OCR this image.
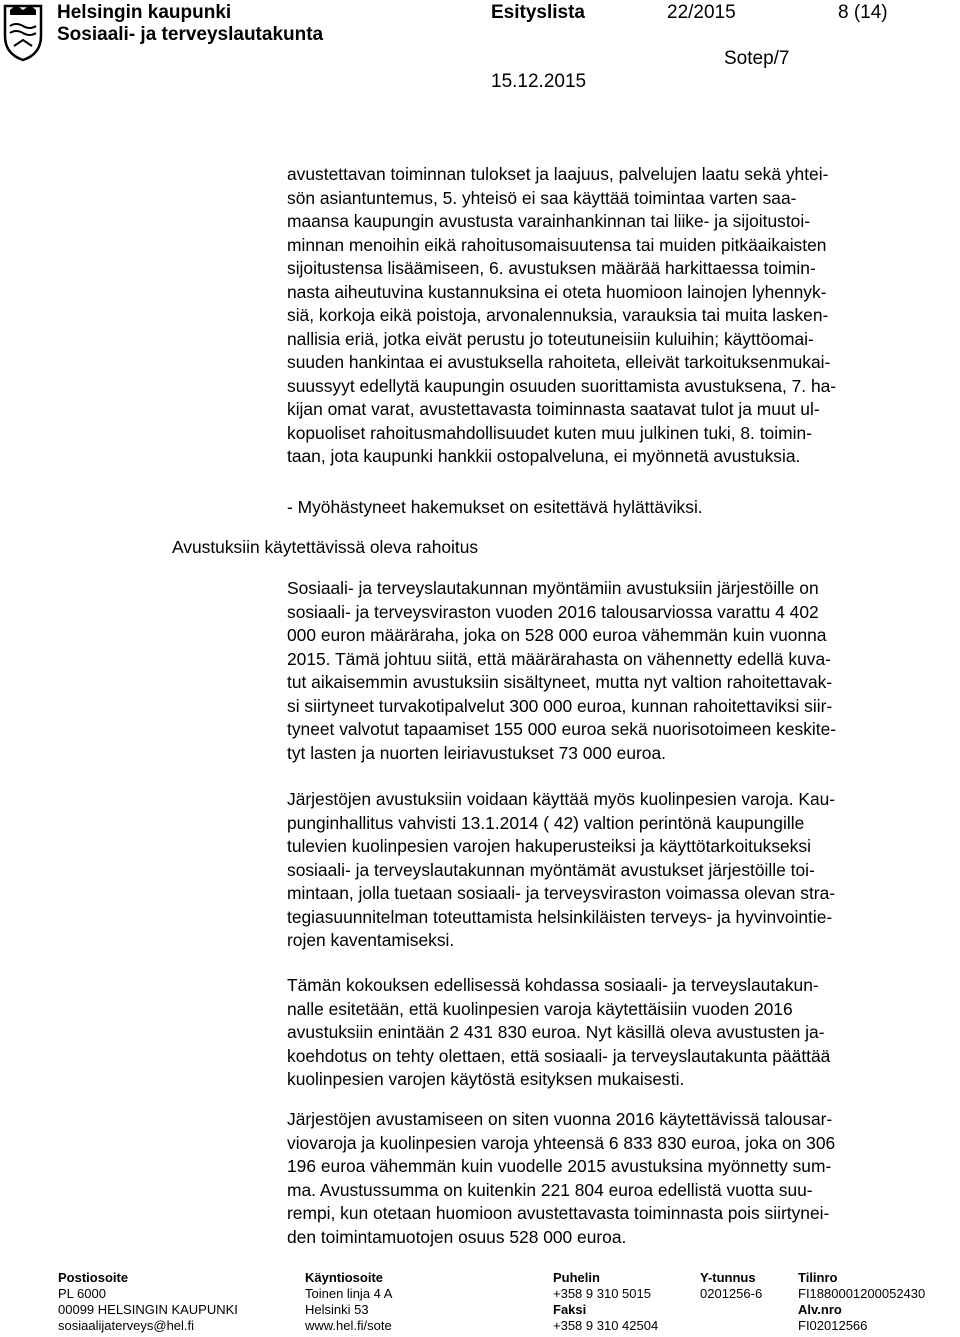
Helsingin kaupunki
Sosiaali- ja terveyslautakunta
Esityslista	22/2015	8 (14)
Sotep/7
15.12.2015
avustettavan toiminnan tulokset ja laajuus, palvelujen laatu sekä yhtei-
sön asiantuntemus, 5. yhteisö ei saa käyttää toimintaa varten saa-
maansa kaupungin avustusta varainhankinnan tai liike- ja sijoitustoi-
minnan menoihin eikä rahoitusomaisuutensa tai muiden pitkäaikaisten
sijoitustensa lisäämiseen, 6. avustuksen määrää harkittaessa toimin-
nasta aiheutuvina kustannuksina ei oteta huomioon lainojen lyhennyk-
siä, korkoja eikä poistoja, arvonalennuksia, varauksia tai muita lasken-
nallisia eriä, jotka eivät perustu jo toteutuneisiin kuluihin; käyttöomai-
suuden hankintaa ei avustuksella rahoiteta, elleivät tarkoituksenmukai-
suussyyt edellytä kaupungin osuuden suorittamista avustuksena, 7. ha-
kijan omat varat, avustettavasta toiminnasta saatavat tulot ja muut ul-
kopuoliset rahoitusmahdollisuudet kuten muu julkinen tuki, 8. toimin-
taan, jota kaupunki hankkii ostopalveluna, ei myönnetä avustuksia.
- Myöhästyneet hakemukset on esitettävä hylättäviksi.
Avustuksiin käytettävissä oleva rahoitus
Sosiaali- ja terveyslautakunnan myöntämiin avustuksiin järjestöille on
sosiaali- ja terveysviraston vuoden 2016 talousarviossa varattu 4 402
000 euron määräraha, joka on 528 000 euroa vähemmän kuin vuonna
2015. Tämä johtuu siitä, että määrärahasta on vähennetty edellä kuva-
tut aikaisemmin avustuksiin sisältyneet, mutta nyt valtion rahoitettavak-
si siirtyneet turvakotipalvelut 300 000 euroa, kunnan rahoitettaviksi siir-
tyneet valvotut tapaamiset 155 000 euroa sekä nuorisotoimeen keskite-
tyt lasten ja nuorten leiriavustukset 73 000 euroa.
Järjestöjen avustuksiin voidaan käyttää myös kuolinpesien varoja. Kau-
punginhallitus vahvisti 13.1.2014 ( 42) valtion perintönä kaupungille
tulevien kuolinpesien varojen hakuperusteiksi ja käyttötarkoitukseksi
sosiaali- ja terveyslautakunnan myöntämät avustukset järjestöille toi-
mintaan, jolla tuetaan sosiaali- ja terveysviraston voimassa olevan stra-
tegiasuunnitelman toteuttamista helsinkiläisten terveys- ja hyvinvointie-
rojen kaventamiseksi.
Tämän kokouksen edellisessä kohdassa sosiaali- ja terveyslautakun-
nalle esitetään, että kuolinpesien varoja käytettäisiin vuoden 2016
avustuksiin enintään 2 431 830 euroa. Nyt käsillä oleva avustusten ja-
koehdotus on tehty olettaen, että sosiaali- ja terveyslautakunta päättää
kuolinpesien varojen käytöstä esityksen mukaisesti.
Järjestöjen avustamiseen on siten vuonna 2016 käytettävissä talousar-
viovaroja ja kuolinpesien varoja yhteensä 6 833 830 euroa, joka on 306
196 euroa vähemmän kuin vuodelle 2015 avustuksina myönnetty sum-
ma. Avustussumma on kuitenkin 221 804 euroa edellistä vuotta suu-
rempi, kun otetaan huomioon avustettavasta toiminnasta pois siirtynei-
den toimintamuotojen osuus 528 000 euroa.
Postiosoite
PL 6000
00099 HELSINGIN KAUPUNKI
sosiaalijaterveys@hel.fi
Käyntiosoite
Toinen linja 4 A
Helsinki 53
www.hel.fi/sote
Puhelin
+358 9 310 5015
Faksi
+358 9 310 42504
Y-tunnus
0201256-6
Tilinro
FI1880001200052430
Alv.nro
FI02012566
